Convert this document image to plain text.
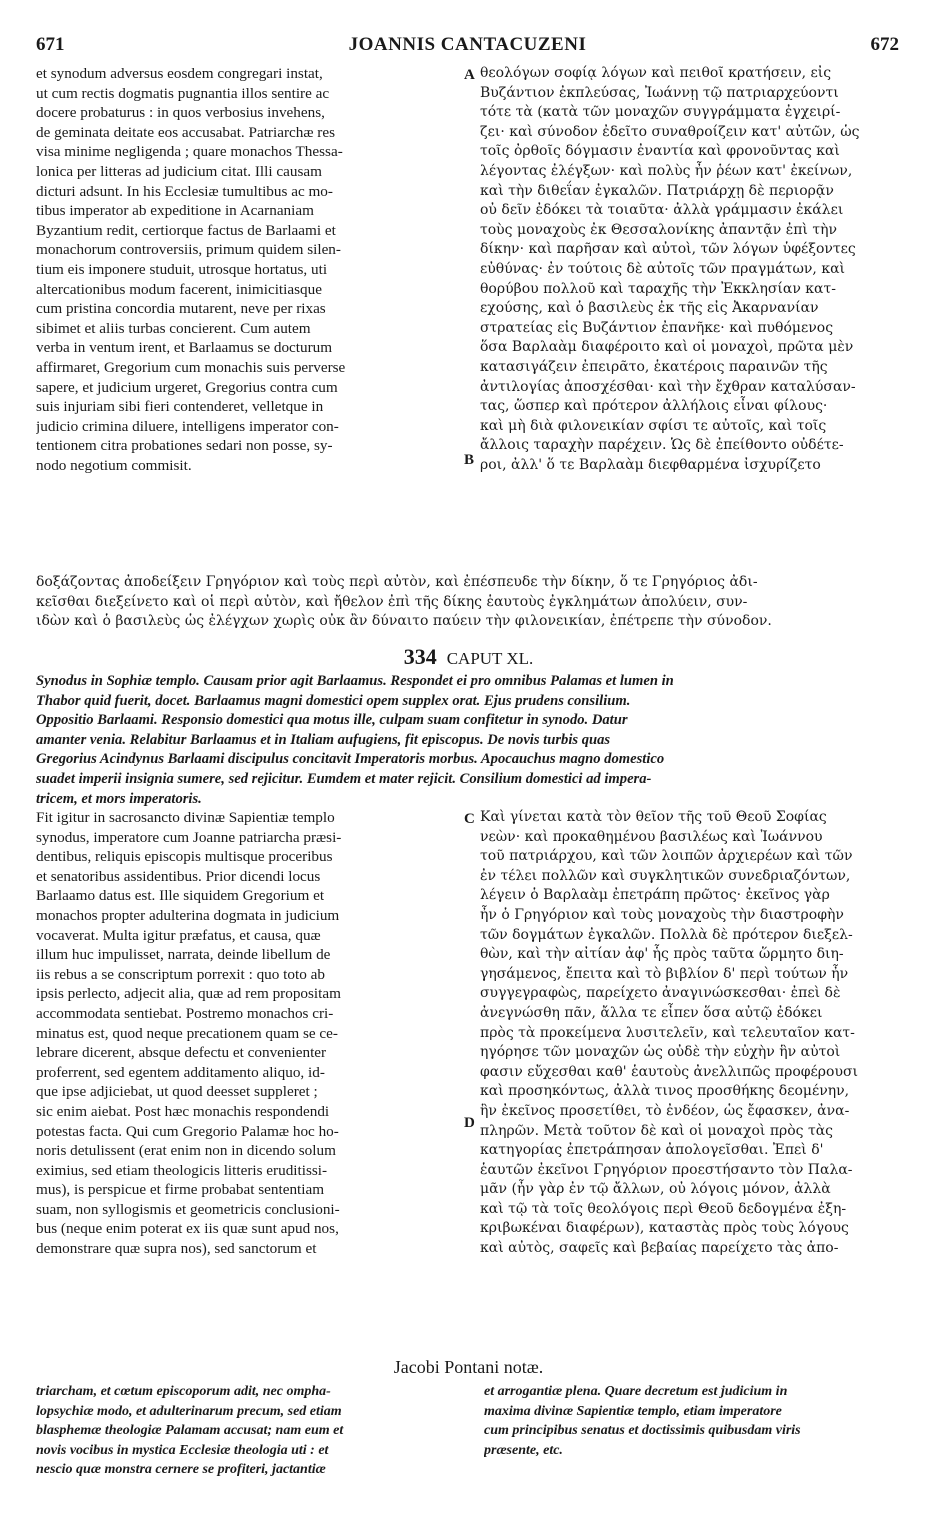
671	JOANNIS CANTACUZENI	672
et synodum adversus eosdem congregari instat,
ut cum rectis dogmatis pugnantia illos sentire ac
docere probaturus : in quos verbosius invehens,
de geminata deitate eos accusabat. Patriarchæ res
visa minime negligenda ; quare monachos Thessa-
lonica per litteras ad judicium citat. Illi causam
dicturi adsunt. In his Ecclesiæ tumultibus ac mo-
tibus imperator ab expeditione in Acarnaniam
Byzantium redit, certiorque factus de Barlaami et
monachorum controversiis, primum quidem silen-
tium eis imponere studuit, utrosque hortatus, uti
altercationibus modum facerent, inimicitiasque
cum pristina concordia mutarent, neve per rixas
sibimet et aliis turbas concierent. Cum autem
verba in ventum irent, et Barlaamus se docturum
affirmaret, Gregorium cum monachis suis perverse
sapere, et judicium urgeret, Gregorius contra cum
suis injuriam sibi fieri contenderet, velletque in
judicio crimina diluere, intelligens imperator con-
tentionem citra probationes sedari non posse, sy-
nodo negotium commisit.
θεολόγων σοφίᾳ λόγων καὶ πειθοῖ κρατήσειν, εἰς
Βυζάντιον ἐκπλεύσας, Ἰωάννῃ τῷ πατριαρχεύοντι
τότε τὰ (κατὰ τῶν μοναχῶν συγγράμματα ἐγχειρί-
ζει· καὶ σύνοδον ἐδεῖτο συναθροίζειν κατ' αὐτῶν, ὡς
τοῖς ὀρθοῖς δόγμασιν ἐναντία καὶ φρονοῦντας καὶ
λέγοντας ἐλέγξων· καὶ πολὺς ἦν ῥέων κατ' ἐκείνων,
καὶ τὴν διθεΐαν ἐγκαλῶν. Πατριάρχῃ δὲ περιορᾷν
οὐ δεῖν ἐδόκει τὰ τοιαῦτα· ἀλλὰ γράμμασιν ἐκάλει
τοὺς μοναχοὺς ἐκ Θεσσαλονίκης ἀπαντᾷν ἐπὶ τὴν
δίκην· καὶ παρῆσαν καὶ αὐτοὶ, τῶν λόγων ὑφέξοντες
εὐθύνας· ἐν τούτοις δὲ αὐτοῖς τῶν πραγμάτων, καὶ
θορύβου πολλοῦ καὶ ταραχῆς τὴν Ἐκκλησίαν κατ-
εχούσης, καὶ ὁ βασιλεὺς ἐκ τῆς εἰς Ἀκαρνανίαν
στρατείας εἰς Βυζάντιον ἐπανῆκε· καὶ πυθόμενος
ὅσα Βαρλαὰμ διαφέροιτο καὶ οἱ μοναχοὶ, πρῶτα μὲν
κατασιγάζειν ἐπειρᾶτο, ἑκατέροις παραινῶν τῆς
ἀντιλογίας ἀποσχέσθαι· καὶ τὴν ἔχθραν καταλύσαν-
τας, ὥσπερ καὶ πρότερον ἀλλήλοις εἶναι φίλους·
καὶ μὴ διὰ φιλονεικίαν σφίσι τε αὐτοῖς, καὶ τοῖς
ἄλλοις ταραχὴν παρέχειν. Ὡς δὲ ἐπείθοντο οὐδέτε-
ροι, ἀλλ' ὅ τε Βαρλαὰμ διεφθαρμένα ἰσχυρίζετο
δοξάζοντας ἀποδείξειν Γρηγόριον καὶ τοὺς περὶ αὐτὸν, καὶ ἐπέσπευδε τὴν δίκην, ὅ τε Γρηγόριος ἀδι-
κεῖσθαι διεξείνετο καὶ οἱ περὶ αὐτὸν, καὶ ἤθελον ἐπὶ τῆς δίκης ἑαυτοὺς ἐγκλημάτων ἀπολύειν, συν-
ιδὼν καὶ ὁ βασιλεὺς ὡς ἐλέγχων χωρὶς οὐκ ἂν δύναιτο παύειν τὴν φιλονεικίαν, ἐπέτρεπε τὴν σύνοδον.
A
B
334 CAPUT XL.
Synodus in Sophiæ templo. Causam prior agit Barlaamus. Respondet ei pro omnibus Palamas et lumen in
Thabor quid fuerit, docet. Barlaamus magni domestici opem supplex orat. Ejus prudens consilium.
Oppositio Barlaami. Responsio domestici qua motus ille, culpam suam confitetur in synodo. Datur
amanter venia. Relabitur Barlaamus et in Italiam aufugiens, fit episcopus. De novis turbis quas
Gregorius Acindynus Barlaami discipulus concitavit Imperatoris morbus. Apocauchus magno domestico
suadet imperii insignia sumere, sed rejicitur. Eumdem et mater rejicit. Consilium domestici ad impera-
tricem, et mors imperatoris.
Fit igitur in sacrosancto divinæ Sapientiæ templo
synodus, imperatore cum Joanne patriarcha præsi-
dentibus, reliquis episcopis multisque proceribus
et senatoribus assidentibus. Prior dicendi locus
Barlaamo datus est. Ille siquidem Gregorium et
monachos propter adulterina dogmata in judicium
vocaverat. Multa igitur præfatus, et causa, quæ
illum huc impulisset, narrata, deinde libellum de
iis rebus a se conscriptum porrexit : quo toto ab
ipsis perlecto, adjecit alia, quæ ad rem propositam
accommodata sentiebat. Postremo monachos cri-
minatus est, quod neque precationem quam se ce-
lebrare dicerent, absque defectu et convenienter
proferrent, sed egentem additamento aliquo, id-
que ipse adjiciebat, ut quod deesset suppleret ;
sic enim aiebat. Post hæc monachis respondendi
potestas facta. Qui cum Gregorio Palamæ hoc ho-
noris detulissent (erat enim non in dicendo solum
eximius, sed etiam theologicis litteris eruditissi-
mus), is perspicue et firme probabat sententiam
suam, non syllogismis et geometricis conclusioni-
bus (neque enim poterat ex iis quæ sunt apud nos,
demonstrare quæ supra nos), sed sanctorum et
Καὶ γίνεται κατὰ τὸν θεῖον τῆς τοῦ Θεοῦ Σοφίας
νεὼν· καὶ προκαθημένου βασιλέως καὶ Ἰωάννου
τοῦ πατριάρχου, καὶ τῶν λοιπῶν ἀρχιερέων καὶ τῶν
ἐν τέλει πολλῶν καὶ συγκλητικῶν συνεδριαζόντων,
λέγειν ὁ Βαρλαὰμ ἐπετράπη πρῶτος· ἐκεῖνος γὰρ
ἦν ὁ Γρηγόριον καὶ τοὺς μοναχοὺς τὴν διαστροφὴν
τῶν δογμάτων ἐγκαλῶν. Πολλὰ δὲ πρότερον διεξελ-
θὼν, καὶ τὴν αἰτίαν ἀφ' ἧς πρὸς ταῦτα ὥρμητο διη-
γησάμενος, ἔπειτα καὶ τὸ βιβλίον δ' περὶ τούτων ἦν
συγγεγραφὼς, παρείχετο ἀναγινώσκεσθαι· ἐπεὶ δὲ
ἀνεγνώσθη πᾶν, ἄλλα τε εἶπεν ὅσα αὐτῷ ἐδόκει
πρὸς τὰ προκείμενα λυσιτελεῖν, καὶ τελευταῖον κατ-
ηγόρησε τῶν μοναχῶν ὡς οὐδὲ τὴν εὐχὴν ἣν αὐτοὶ
φασιν εὔχεσθαι καθ' ἑαυτοὺς ἀνελλιπῶς προφέρουσι
καὶ προσηκόντως, ἀλλὰ τινος προσθήκης δεομένην,
ἣν ἐκεῖνος προσετίθει, τὸ ἐνδέον, ὡς ἔφασκεν, ἀνα-
πληρῶν. Μετὰ τοῦτον δὲ καὶ οἱ μοναχοὶ πρὸς τὰς
κατηγορίας ἐπετράπησαν ἀπολογεῖσθαι. Ἐπεὶ δ'
ἑαυτῶν ἐκεῖνοι Γρηγόριον προεστήσαντο τὸν Παλα-
μᾶν (ἦν γὰρ ἐν τῷ ἄλλων, οὐ λόγοις μόνον, ἀλλὰ
καὶ τῷ τὰ τοῖς θεολόγοις περὶ Θεοῦ δεδογμένα ἐξη-
κριβωκέναι διαφέρων), καταστὰς πρὸς τοὺς λόγους
καὶ αὐτὸς, σαφεῖς καὶ βεβαίας παρείχετο τὰς ἀπο-
C
D
Jacobi Pontani notæ.
triarcham, et cœtum episcoporum adit, nec ompha-
lopsychiæ modo, et adulterinarum precum, sed etiam
blasphemæ theologiæ Palamam accusat; nam eum et
novis vocibus in mystica Ecclesiæ theologia uti : et
nescio quæ monstra cernere se profiteri, jactantiæ
et arrogantiæ plena. Quare decretum est judicium in
maxima divinæ Sapientiæ templo, etiam imperatore
cum principibus senatus et doctissimis quibusdam viris
præsente, etc.
